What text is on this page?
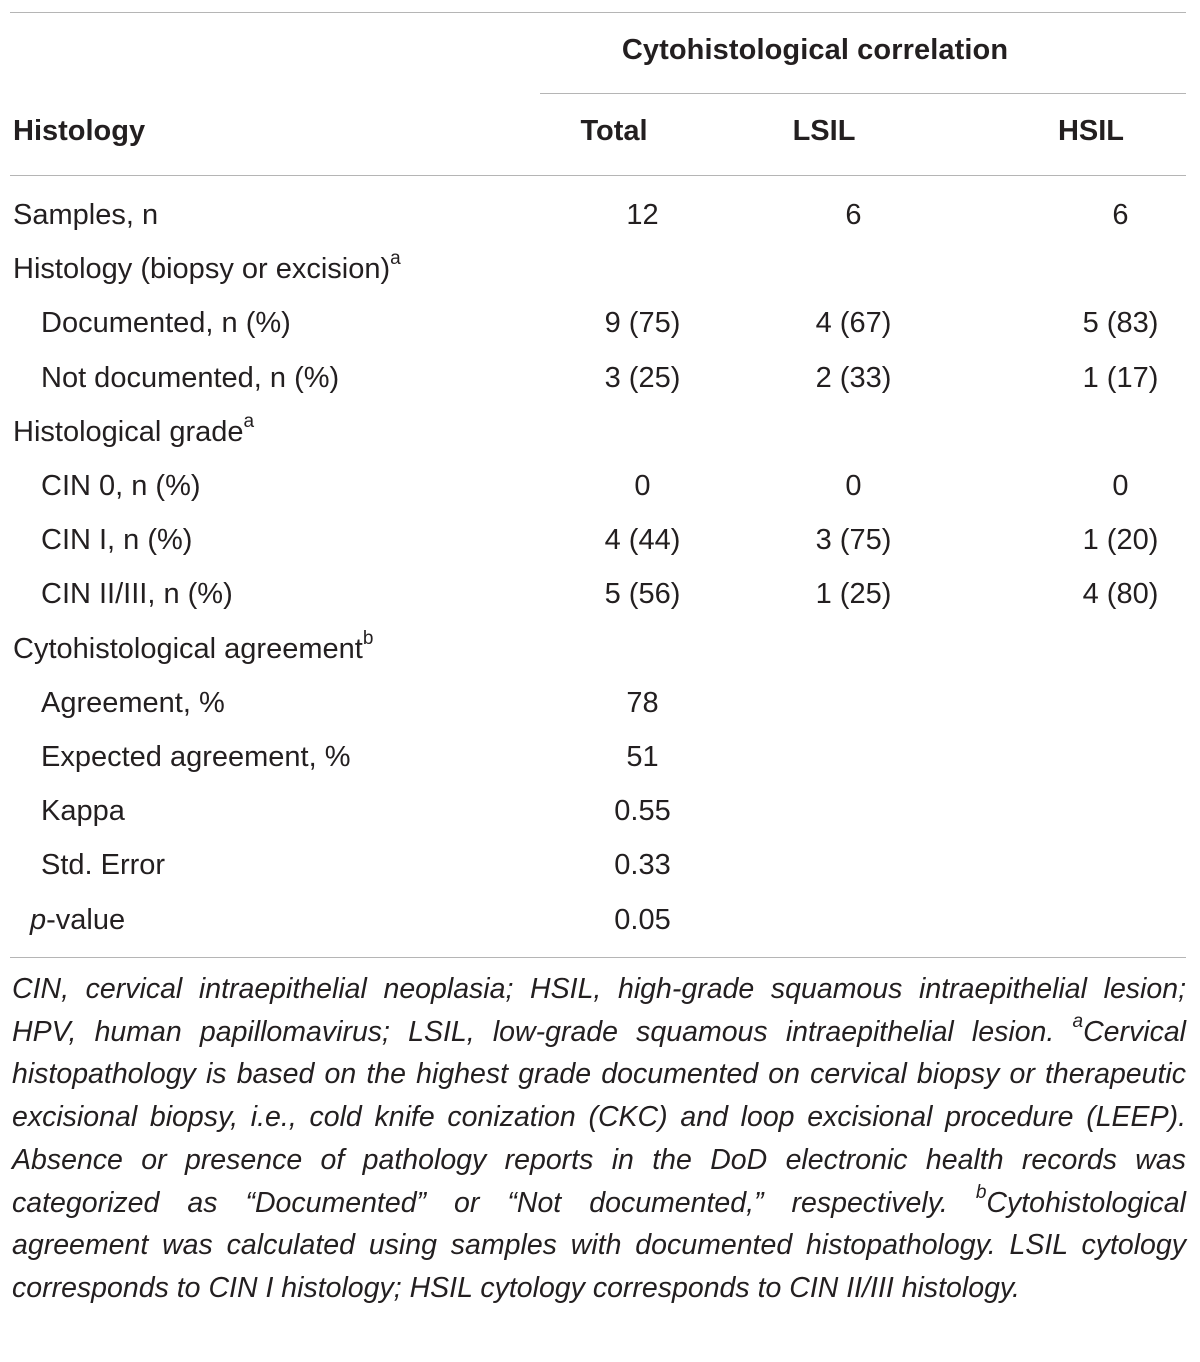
Cytohistological correlation
Histology	Total	LSIL	HSIL
Samples, n	12		6		6
Histology (biopsy or excision)$^a$					
Documented, n (%)	9 (75)		4 (67)		5 (83)
Not documented, n (%)	3 (25)		2 (33)		1 (17)
Histological grade$^a$					
CIN 0, n (%)	0		0		0
CIN I, n (%)	4 (44)		3 (75)		1 (20)
CIN II/III, n (%)	5 (56)		1 (25)		4 (80)
Cytohistological agreement$^b$					
Agreement, %	78				
Expected agreement, %	51				
Kappa	0.55				
Std. Error	0.33				
p-value	0.05				

CIN, cervical intraepithelial neoplasia; HSIL, high-grade squamous intraepithelial lesion; HPV, human papillomavirus; LSIL, low-grade squamous intraepithelial lesion. $^a$Cervical histopathology is based on the highest grade documented on cervical biopsy or therapeutic excisional biopsy, i.e., cold knife conization (CKC) and loop excisional procedure (LEEP). Absence or presence of pathology reports in the DoD electronic health records was categorized as “Documented” or “Not documented,” respectively. $^b$Cytohistological agreement was calculated using samples with documented histopathology. LSIL cytology corresponds to CIN I histology; HSIL cytology corresponds to CIN II/III histology.
